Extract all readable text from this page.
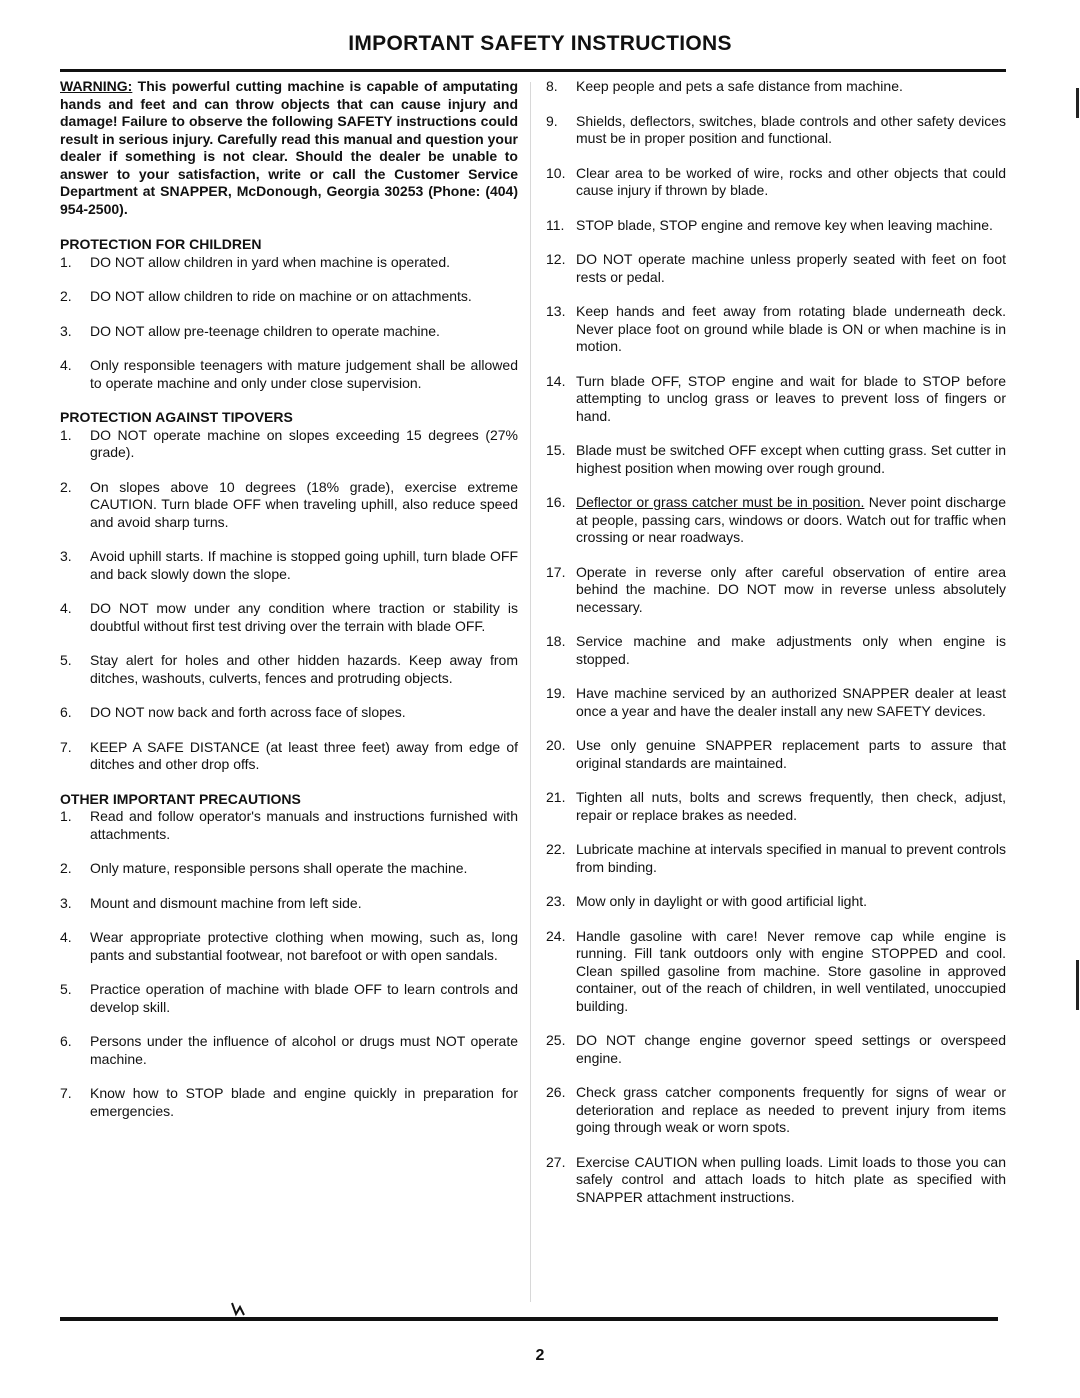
IMPORTANT SAFETY INSTRUCTIONS

WARNING: This powerful cutting machine is capable of amputating hands and feet and can throw objects that can cause injury and damage! Failure to observe the following SAFETY instructions could result in serious injury. Carefully read this manual and question your dealer if something is not clear. Should the dealer be unable to answer to your satisfaction, write or call the Customer Service Department at SNAPPER, McDonough, Georgia 30253 (Phone: (404) 954-2500).

PROTECTION FOR CHILDREN
1.	DO NOT allow children in yard when machine is operated.
2.	DO NOT allow children to ride on machine or on attachments.
3.	DO NOT allow pre-teenage children to operate machine.
4.	Only responsible teenagers with mature judgement shall be allowed to operate machine and only under close supervision.
PROTECTION AGAINST TIPOVERS
1.	DO NOT operate machine on slopes exceeding 15 degrees (27% grade).
2.	On slopes above 10 degrees (18% grade), exercise extreme CAUTION. Turn blade OFF when traveling uphill, also reduce speed and avoid sharp turns.
3.	Avoid uphill starts. If machine is stopped going uphill, turn blade OFF and back slowly down the slope.
4.	DO NOT mow under any condition where traction or stability is doubtful without first test driving over the terrain with blade OFF.
5.	Stay alert for holes and other hidden hazards. Keep away from ditches, washouts, culverts, fences and protruding objects.
6.	DO NOT now back and forth across face of slopes.
7.	KEEP A SAFE DISTANCE (at least three feet) away from edge of ditches and other drop offs.
OTHER IMPORTANT PRECAUTIONS
1.	Read and follow operator's manuals and instructions furnished with attachments.
2.	Only mature, responsible persons shall operate the machine.
3.	Mount and dismount machine from left side.
4.	Wear appropriate protective clothing when mowing, such as, long pants and substantial footwear, not barefoot or with open sandals.
5.	Practice operation of machine with blade OFF to learn controls and develop skill.
6.	Persons under the influence of alcohol or drugs must NOT operate machine.
7.	Know how to STOP blade and engine quickly in preparation for emergencies.
8.	Keep people and pets a safe distance from machine.
9.	Shields, deflectors, switches, blade controls and other safety devices must be in proper position and functional.
10. Clear area to be worked of wire, rocks and other objects that could cause injury if thrown by blade.
11. STOP blade, STOP engine and remove key when leaving machine.
12. DO NOT operate machine unless properly seated with feet on foot rests or pedal.
13. Keep hands and feet away from rotating blade underneath deck. Never place foot on ground while blade is ON or when machine is in motion.
14. Turn blade OFF, STOP engine and wait for blade to STOP before attempting to unclog grass or leaves to prevent loss of fingers or hand.
15. Blade must be switched OFF except when cutting grass. Set cutter in highest position when mowing over rough ground.
16. Deflector or grass catcher must be in position. Never point discharge at people, passing cars, windows or doors. Watch out for traffic when crossing or near roadways.
17. Operate in reverse only after careful observation of entire area behind the machine. DO NOT mow in reverse unless absolutely necessary.
18. Service machine and make adjustments only when engine is stopped.
19. Have machine serviced by an authorized SNAPPER dealer at least once a year and have the dealer install any new SAFETY devices.
20. Use only genuine SNAPPER replacement parts to assure that original standards are maintained.
21. Tighten all nuts, bolts and screws frequently, then check, adjust, repair or replace brakes as needed.
22. Lubricate machine at intervals specified in manual to prevent controls from binding.
23. Mow only in daylight or with good artificial light.
24. Handle gasoline with care! Never remove cap while engine is running. Fill tank outdoors only with engine STOPPED and cool. Clean spilled gasoline from machine. Store gasoline in approved container, out of the reach of children, in well ventilated, unoccupied building.
25. DO NOT change engine governor speed settings or overspeed engine.
26. Check grass catcher components frequently for signs of wear or deterioration and replace as needed to prevent injury from items going through weak or worn spots.
27. Exercise CAUTION when pulling loads. Limit loads to those you can safely control and attach loads to hitch plate as specified with SNAPPER attachment instructions.
2
